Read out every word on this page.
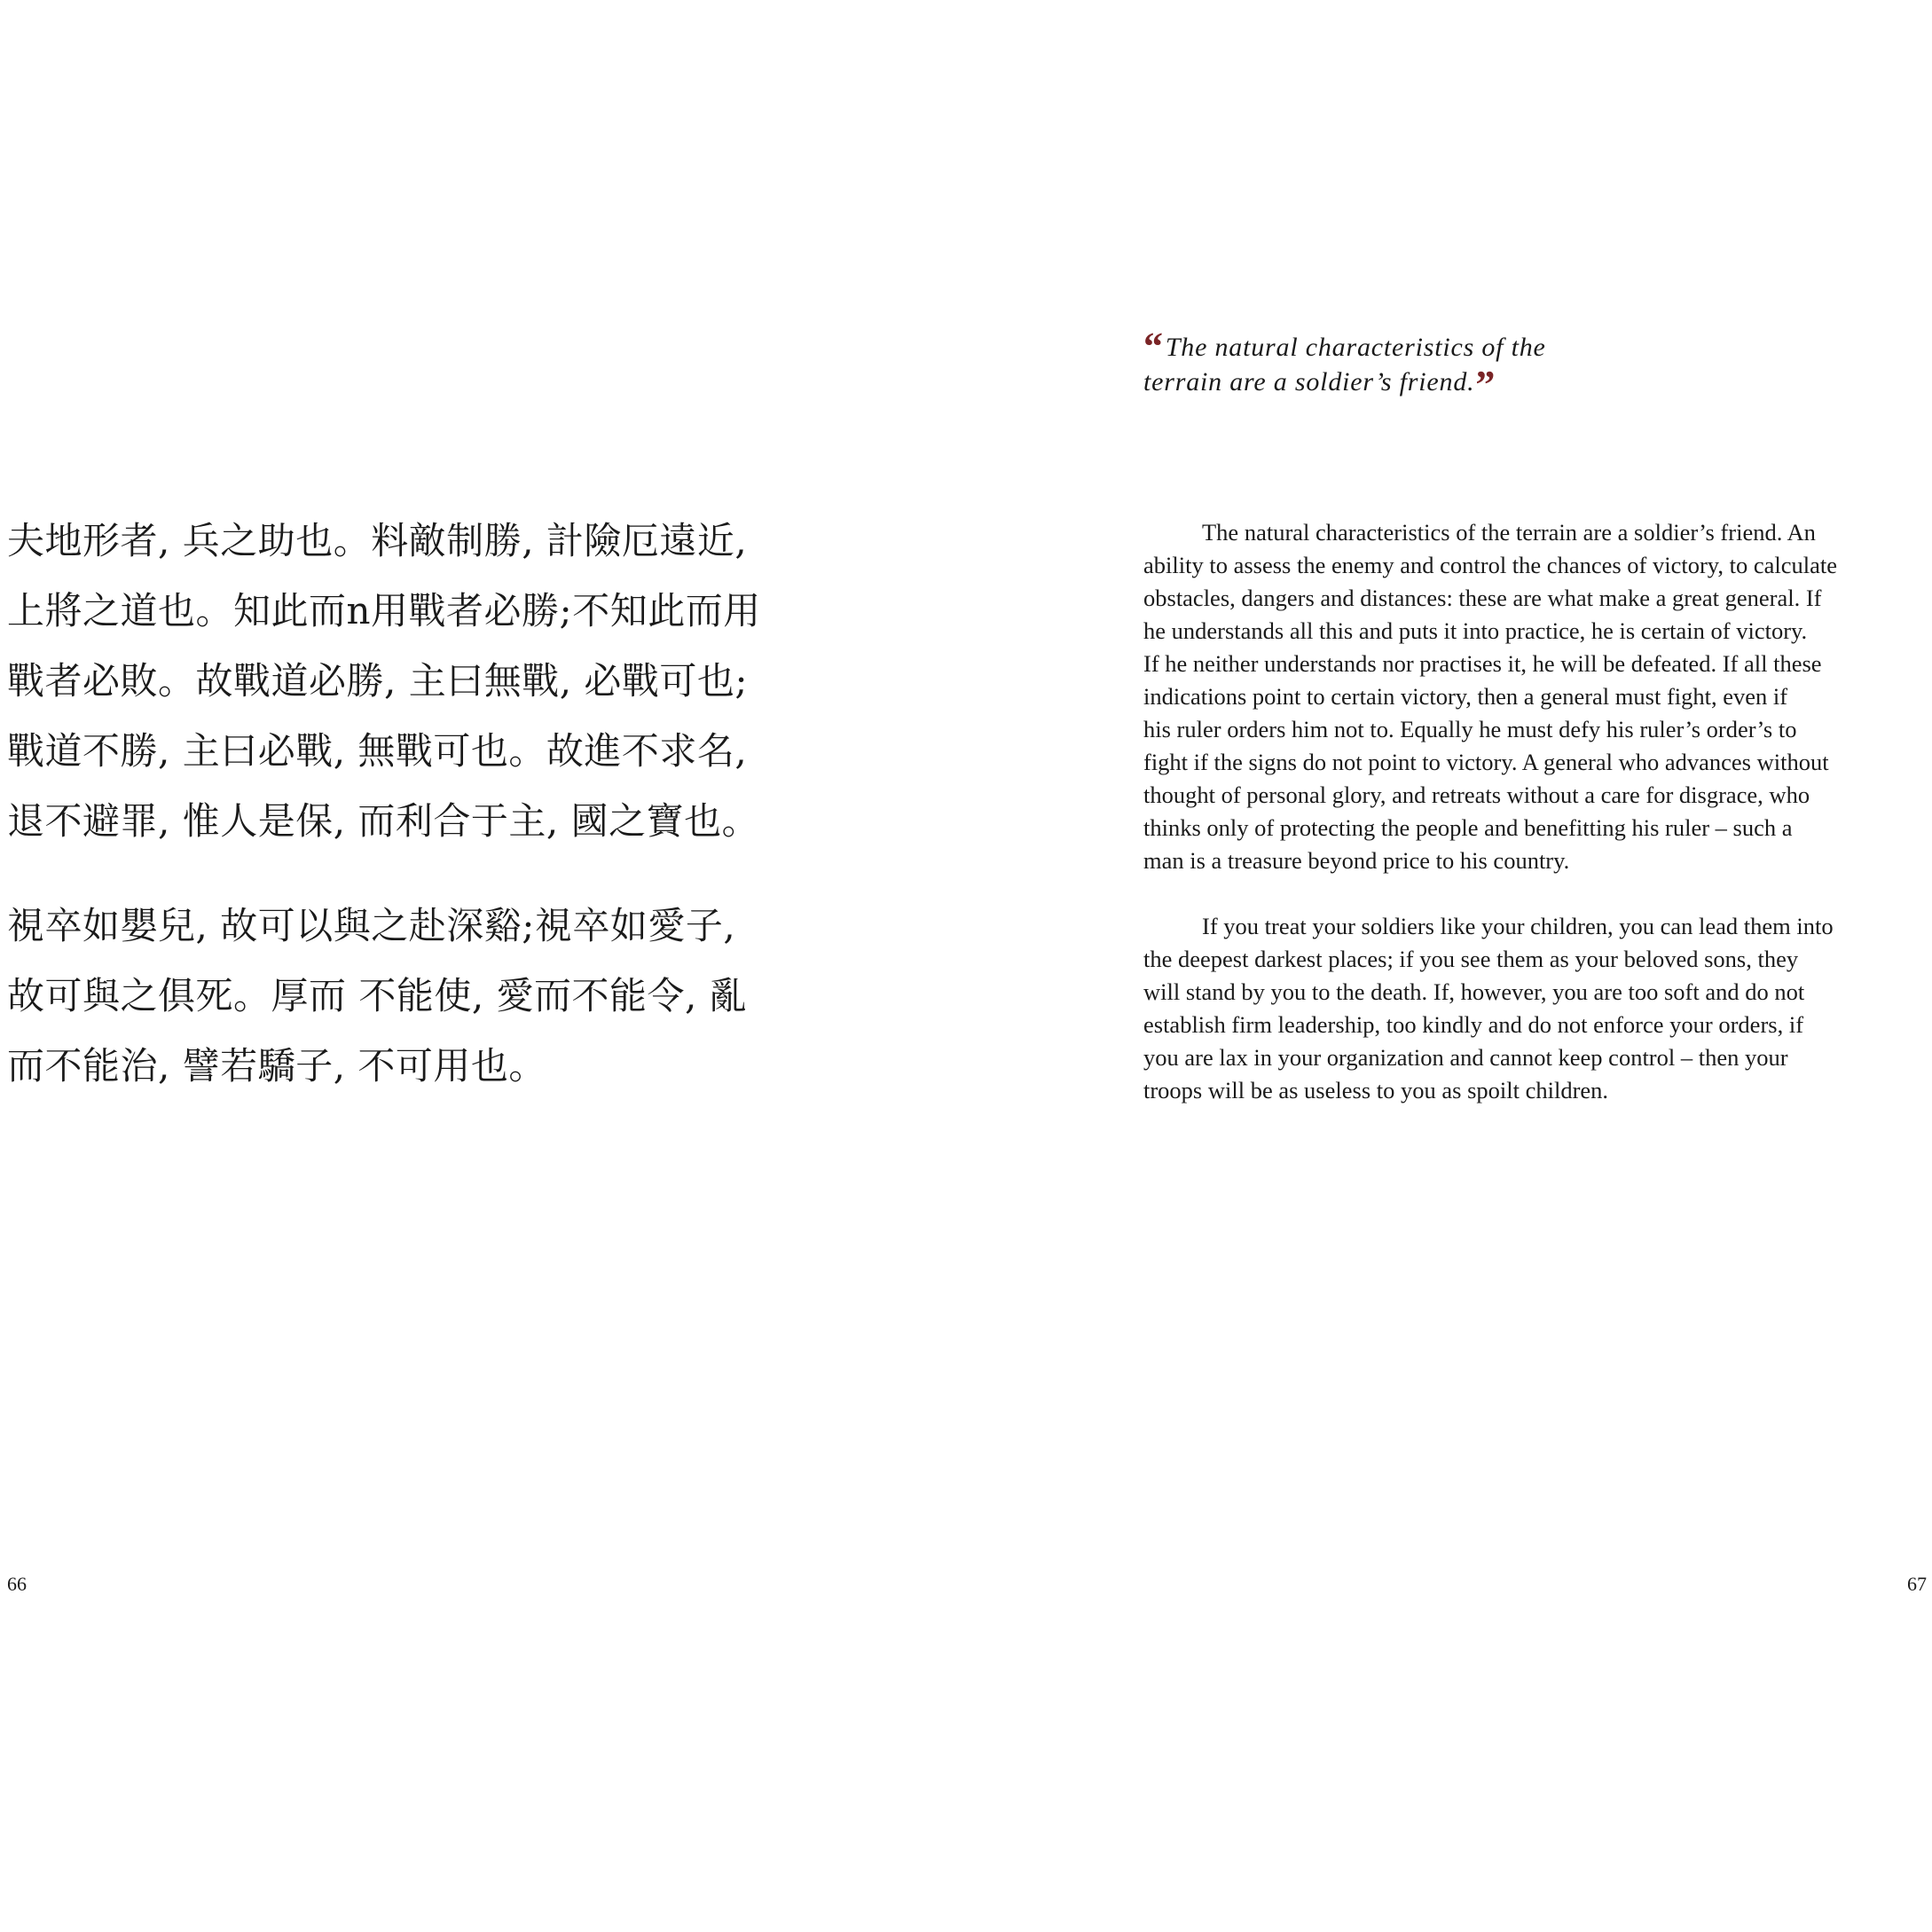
夫地形者, 兵之助也。料敵制勝, 計險厄遠近,
上將之道也。知此而n用戰者必勝;不知此而用
戰者必敗。故戰道必勝, 主曰無戰, 必戰可也;
戰道不勝, 主曰必戰, 無戰可也。故進不求名,
退不避罪, 惟人是保, 而利合于主, 國之寶也。
視卒如嬰兒, 故可以與之赴深谿;視卒如愛子,
故可與之俱死。厚而 不能使, 愛而不能令, 亂
而不能治, 譬若驕子, 不可用也。
66
“The natural characteristics of the
terrain are a soldier’s friend.”
The natural characteristics of the terrain are a soldier’s friend. An
ability to assess the enemy and control the chances of victory, to calculate
obstacles, dangers and distances: these are what make a great general. If
he understands all this and puts it into practice, he is certain of victory.
If he neither understands nor practises it, he will be defeated. If all these
indications point to certain victory, then a general must fight, even if
his ruler orders him not to. Equally he must defy his ruler’s order’s to
fight if the signs do not point to victory. A general who advances without
thought of personal glory, and retreats without a care for disgrace, who
thinks only of protecting the people and benefitting his ruler – such a
man is a treasure beyond price to his country.
If you treat your soldiers like your children, you can lead them into
the deepest darkest places; if you see them as your beloved sons, they
will stand by you to the death. If, however, you are too soft and do not
establish firm leadership, too kindly and do not enforce your orders, if
you are lax in your organization and cannot keep control – then your
troops will be as useless to you as spoilt children.
67
